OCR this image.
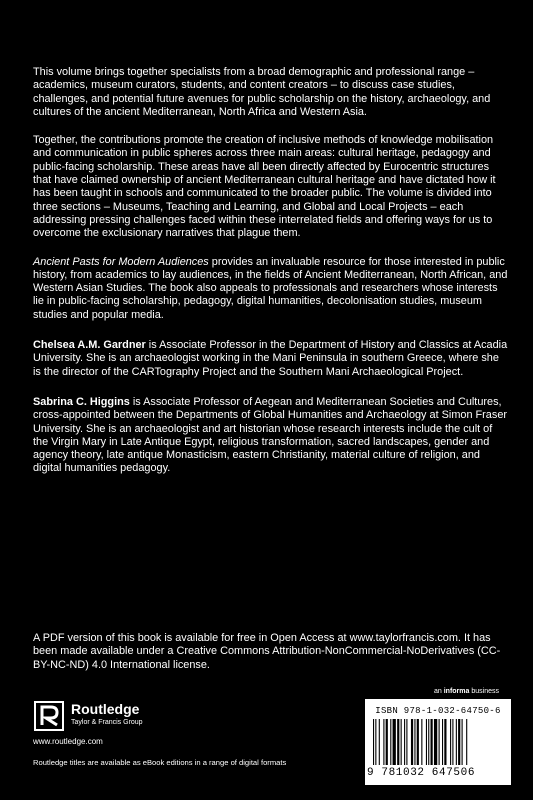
This volume brings together specialists from a broad demographic and professional range – academics, museum curators, students, and content creators – to discuss case studies, challenges, and potential future avenues for public scholarship on the history, archaeology, and cultures of the ancient Mediterranean, North Africa and Western Asia.

Together, the contributions promote the creation of inclusive methods of knowledge mobilisation and communication in public spheres across three main areas: cultural heritage, pedagogy and public-facing scholarship. These areas have all been directly affected by Eurocentric structures that have claimed ownership of ancient Mediterranean cultural heritage and have dictated how it has been taught in schools and communicated to the broader public. The volume is divided into three sections – Museums, Teaching and Learning, and Global and Local Projects – each addressing pressing challenges faced within these interrelated fields and offering ways for us to overcome the exclusionary narratives that plague them.

Ancient Pasts for Modern Audiences provides an invaluable resource for those interested in public history, from academics to lay audiences, in the fields of Ancient Mediterranean, North African, and Western Asian Studies. The book also appeals to professionals and researchers whose interests lie in public-facing scholarship, pedagogy, digital humanities, decolonisation studies, museum studies and popular media.

Chelsea A.M. Gardner is Associate Professor in the Department of History and Classics at Acadia University. She is an archaeologist working in the Mani Peninsula in southern Greece, where she is the director of the CARTography Project and the Southern Mani Archaeological Project.

Sabrina C. Higgins is Associate Professor of Aegean and Mediterranean Societies and Cultures, cross-appointed between the Departments of Global Humanities and Archaeology at Simon Fraser University. She is an archaeologist and art historian whose research interests include the cult of the Virgin Mary in Late Antique Egypt, religious transformation, sacred landscapes, gender and agency theory, late antique Monasticism, eastern Christianity, material culture of religion, and digital humanities pedagogy.

A PDF version of this book is available for free in Open Access at www.taylorfrancis.com. It has been made available under a Creative Commons Attribution-NonCommercial-NoDerivatives (CC-BY-NC-ND) 4.0 International license.

Routledge
Taylor & Francis Group
www.routledge.com
Routledge titles are available as eBook editions in a range of digital formats
an informa business
ISBN 978-1-032-64750-6
9 781032 647506
